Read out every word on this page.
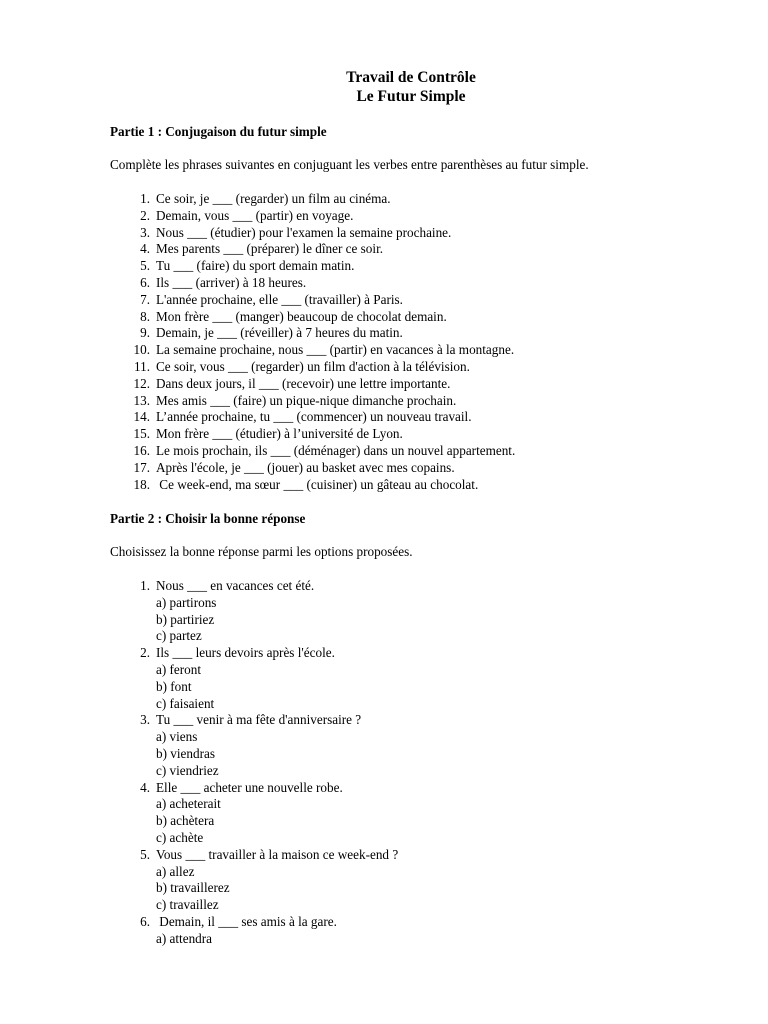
Travail de Contrôle
Le Futur Simple
Partie 1 : Conjugaison du futur simple
Complète les phrases suivantes en conjuguant les verbes entre parenthèses au futur simple.
1. Ce soir, je ___ (regarder) un film au cinéma.
2. Demain, vous ___ (partir) en voyage.
3. Nous ___ (étudier) pour l'examen la semaine prochaine.
4. Mes parents ___ (préparer) le dîner ce soir.
5. Tu ___ (faire) du sport demain matin.
6. Ils ___ (arriver) à 18 heures.
7. L'année prochaine, elle ___ (travailler) à Paris.
8. Mon frère ___ (manger) beaucoup de chocolat demain.
9. Demain, je ___ (réveiller) à 7 heures du matin.
10. La semaine prochaine, nous ___ (partir) en vacances à la montagne.
11. Ce soir, vous ___ (regarder) un film d'action à la télévision.
12. Dans deux jours, il ___ (recevoir) une lettre importante.
13. Mes amis ___ (faire) un pique-nique dimanche prochain.
14. L’année prochaine, tu ___ (commencer) un nouveau travail.
15. Mon frère ___ (étudier) à l’université de Lyon.
16. Le mois prochain, ils ___ (déménager) dans un nouvel appartement.
17. Après l'école, je ___ (jouer) au basket avec mes copains.
18. Ce week-end, ma sœur ___ (cuisiner) un gâteau au chocolat.
Partie 2 : Choisir la bonne réponse
Choisissez la bonne réponse parmi les options proposées.
1. Nous ___ en vacances cet été.
a) partirons
b) partiriez
c) partez
2. Ils ___ leurs devoirs après l'école.
a) feront
b) font
c) faisaient
3. Tu ___ venir à ma fête d'anniversaire ?
a) viens
b) viendras
c) viendriez
4. Elle ___ acheter une nouvelle robe.
a) acheterait
b) achètera
c) achète
5. Vous ___ travailler à la maison ce week-end ?
a) allez
b) travaillerez
c) travaillez
6. Demain, il ___ ses amis à la gare.
a) attendra
